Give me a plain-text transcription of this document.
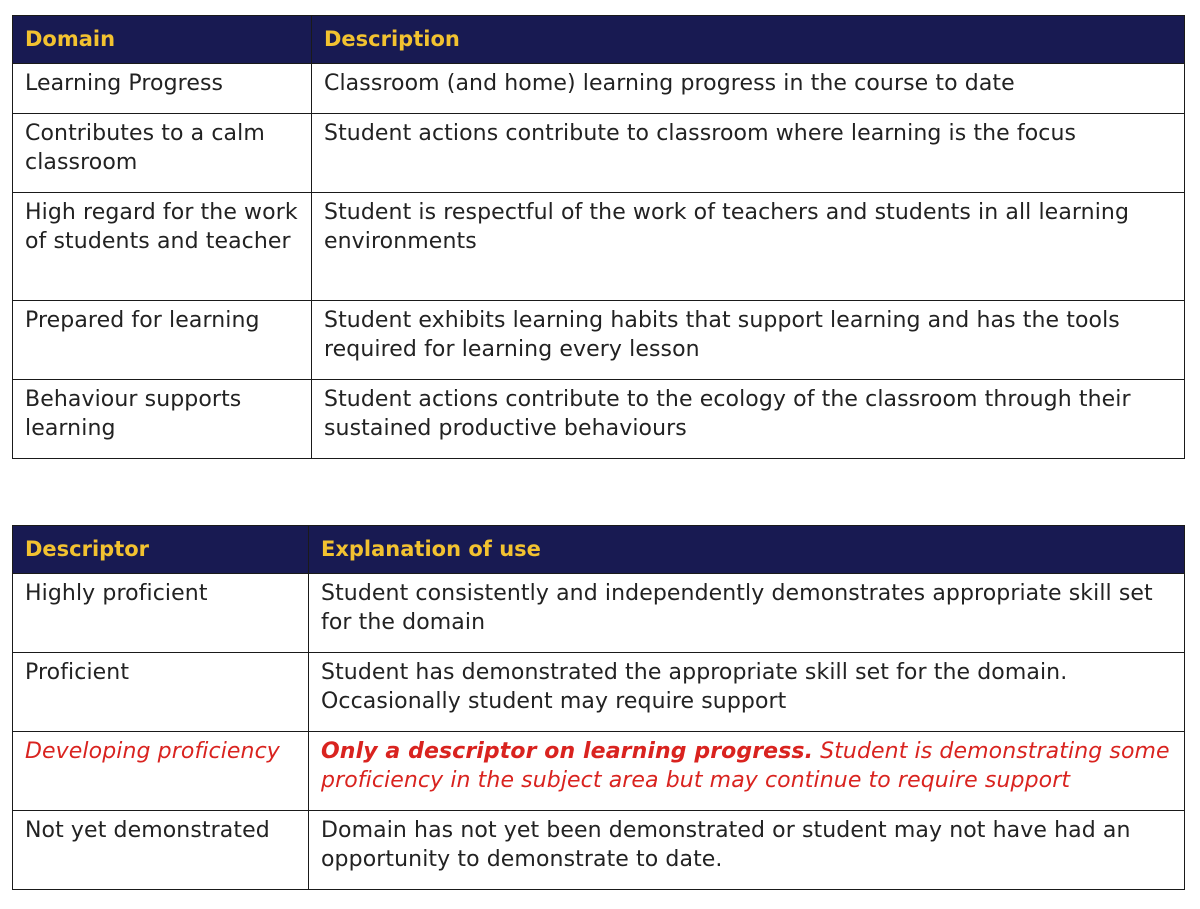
Domain	Description
Learning Progress	Classroom (and home) learning progress in the course to date
Contributes to a calm classroom	Student actions contribute to classroom where learning is the focus
High regard for the work of students and teacher	Student is respectful of the work of teachers and students in all learning environments
Prepared for learning	Student exhibits learning habits that support learning and has the tools required for learning every lesson
Behaviour supports learning	Student actions contribute to the ecology of the classroom through their sustained productive behaviours
Descriptor	Explanation of use
Highly proficient	Student consistently and independently demonstrates appropriate skill set for the domain
Proficient	Student has demonstrated the appropriate skill set for the domain. Occasionally student may require support
Developing proficiency	Only a descriptor on learning progress. Student is demonstrating some proficiency in the subject area but may continue to require support
Not yet demonstrated	Domain has not yet been demonstrated or student may not have had an opportunity to demonstrate to date.
